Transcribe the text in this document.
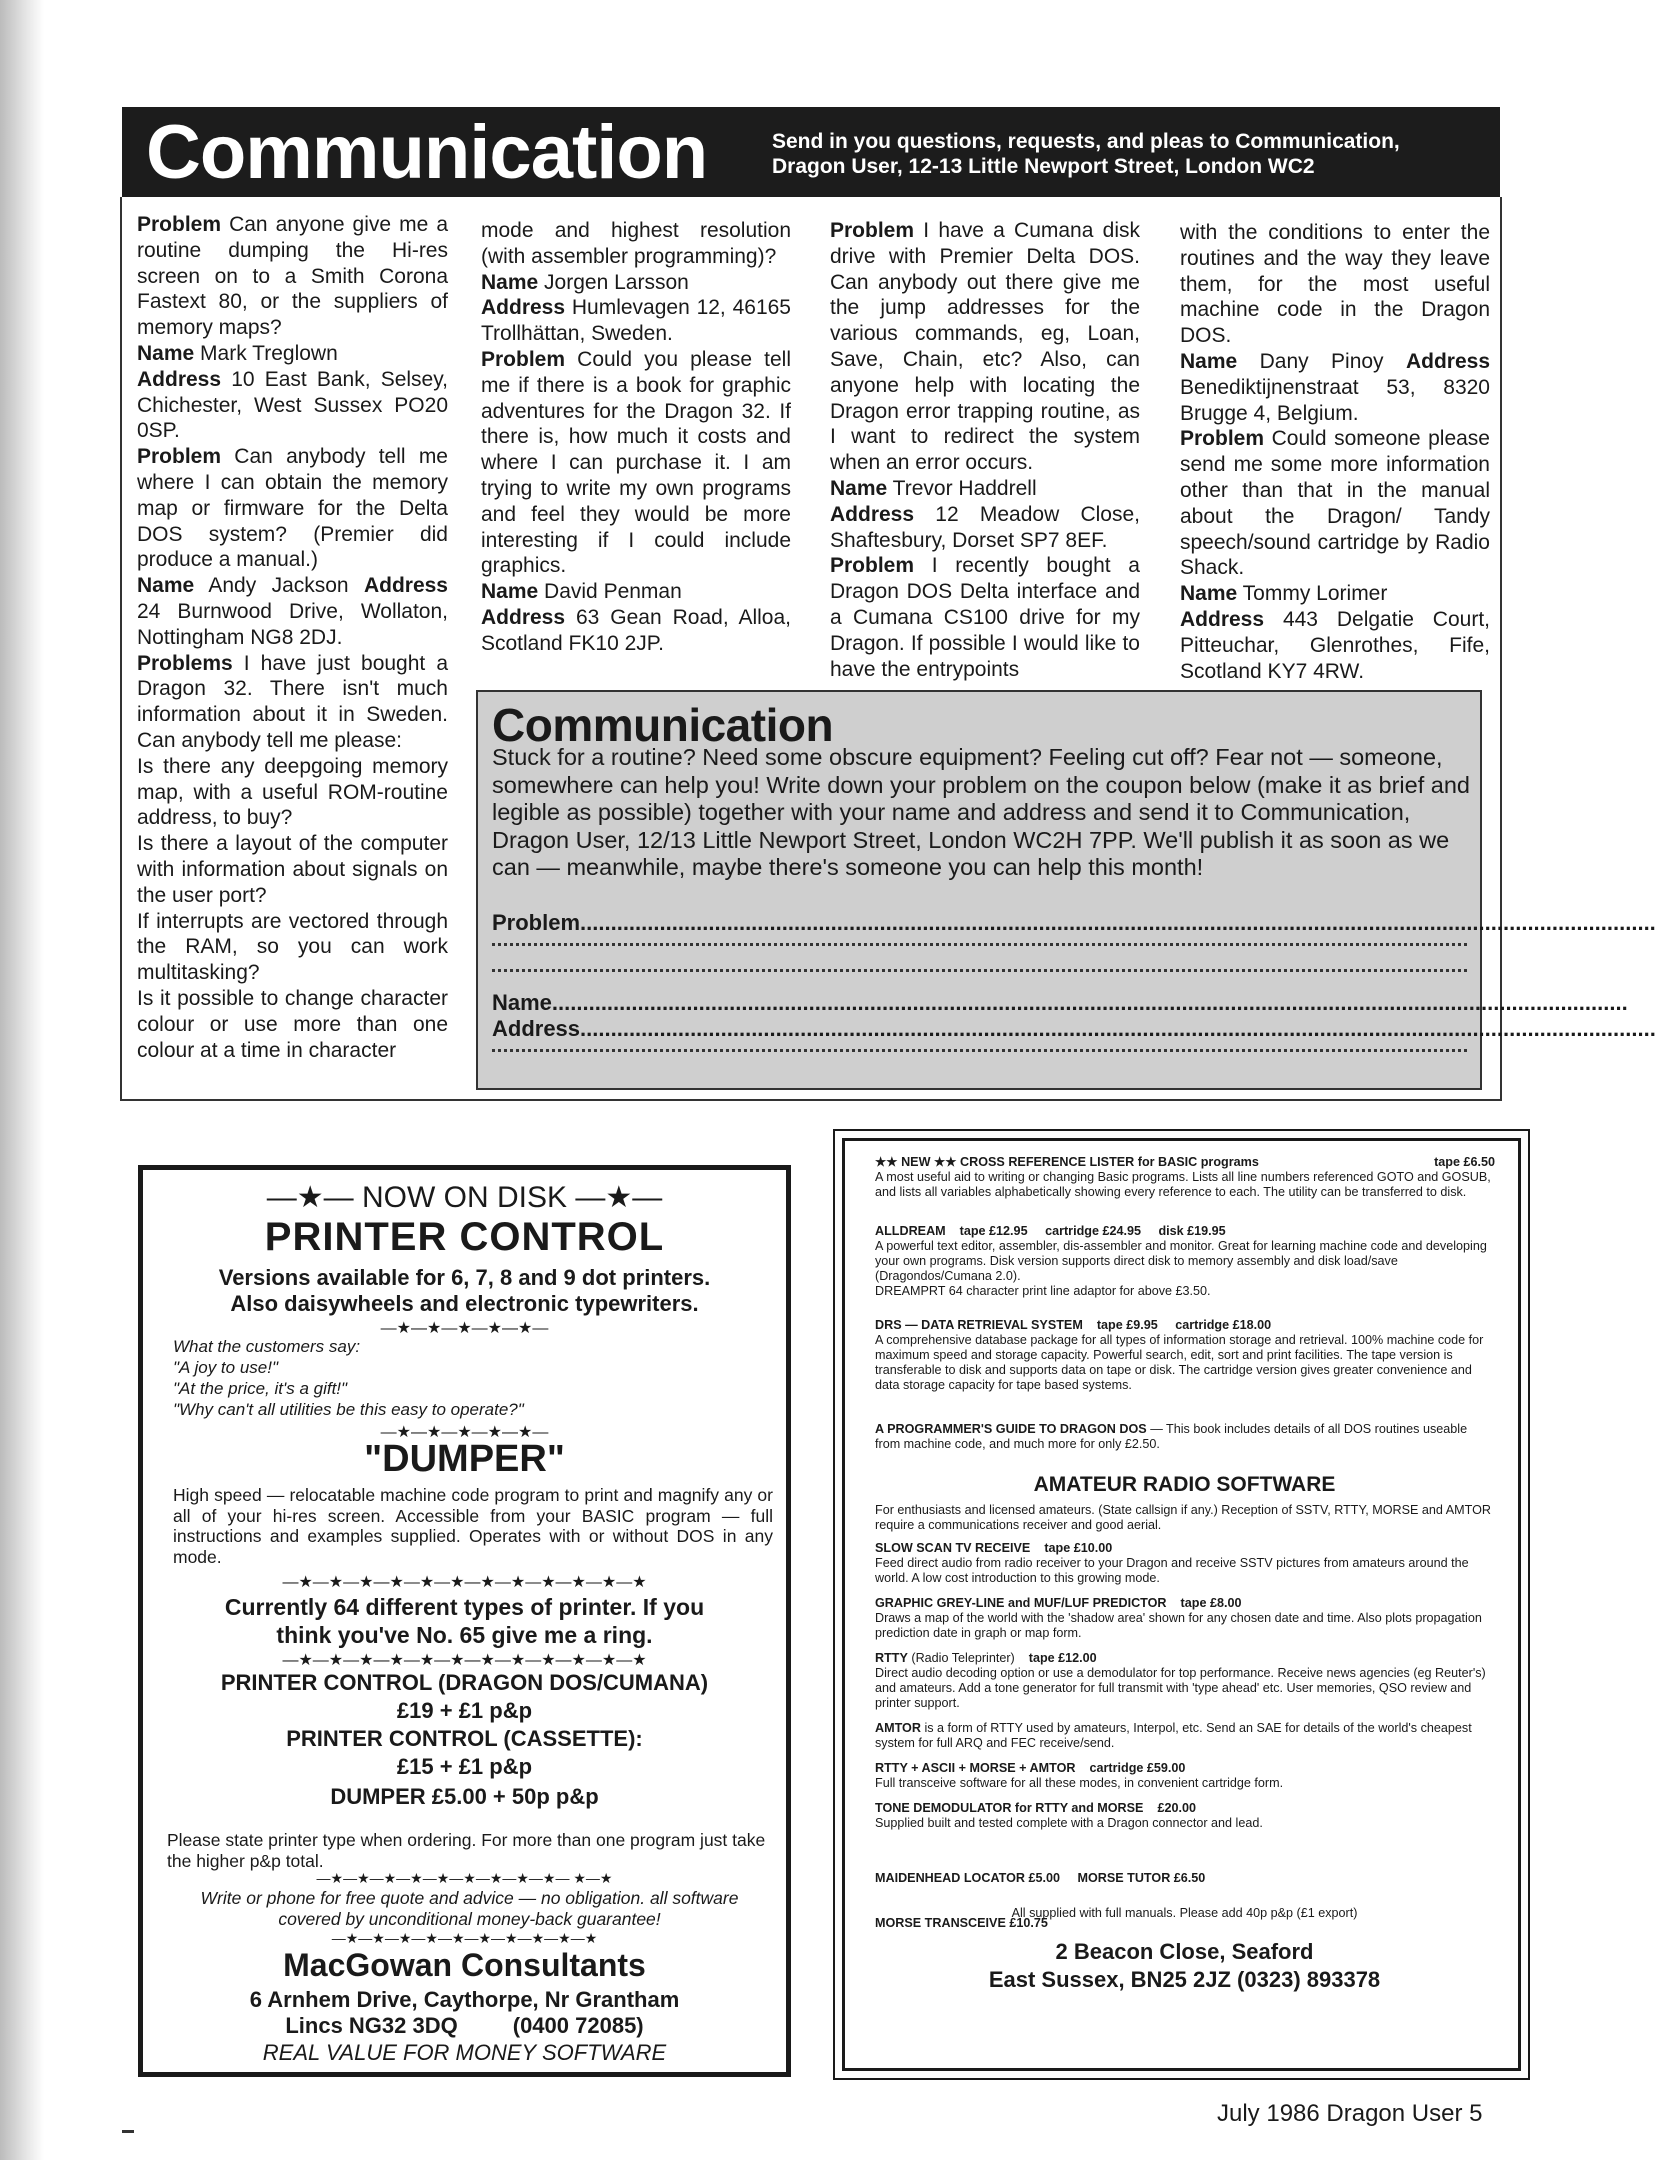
Communication	Send in you questions, requests, and pleas to Communication,
Dragon User, 12-13 Little Newport Street, London WC2

Problem Can anyone give me a routine dumping the Hi-res screen on to a Smith Corona Fastext 80, or the suppliers of memory maps?

Name Mark Treglown

Address 10 East Bank, Selsey, Chichester, West Sussex PO20 0SP.

Problem Can anybody tell me where I can obtain the memory map or firmware for the Delta DOS system? (Premier did produce a manual.)

Name Andy Jackson Address 24 Burnwood Drive, Wollaton, Nottingham NG8 2DJ.

Problems I have just bought a Dragon 32. There isn't much information about it in Sweden. Can anybody tell me please:

Is there any deepgoing memory map, with a useful ROM-routine address, to buy?

Is there a layout of the computer with information about signals on the user port?

If interrupts are vectored through the RAM, so you can work multitasking?

Is it possible to change character colour or use more than one colour at a time in character

mode and highest resolution (with assembler programming)?

Name Jorgen Larsson

Address Humlevagen 12, 46165 Trollhättan, Sweden.

Problem Could you please tell me if there is a book for graphic adventures for the Dragon 32. If there is, how much it costs and where I can purchase it. I am trying to write my own programs and feel they would be more interesting if I could include graphics.

Name David Penman

Address 63 Gean Road, Alloa, Scotland FK10 2JP.

Problem I have a Cumana disk drive with Premier Delta DOS. Can anybody out there give me the jump addresses for the various commands, eg, Loan, Save, Chain, etc? Also, can anyone help with locating the Dragon error trapping routine, as I want to redirect the system when an error occurs.

Name Trevor Haddrell

Address 12 Meadow Close, Shaftesbury, Dorset SP7 8EF.

Problem I recently bought a Dragon DOS Delta interface and a Cumana CS100 drive for my Dragon. If possible I would like to have the entrypoints

with the conditions to enter the routines and the way they leave them, for the most useful machine code in the Dragon DOS.

Name Dany Pinoy Address Benediktijnenstraat 53, 8320 Brugge 4, Belgium.

Problem Could someone please send me some more information other than that in the manual about the Dragon/ Tandy speech/sound cartridge by Radio Shack.

Name Tommy Lorimer

Address 443 Delgatie Court, Pitteuchar, Glenrothes, Fife, Scotland KY7 4RW.

Communication
Stuck for a routine? Need some obscure equipment? Feeling cut off? Fear not — someone, somewhere can help you! Write down your problem on the coupon below (make it as brief and legible as possible) together with your name and address and send it to Communication, Dragon User, 12/13 Little Newport Street, London WC2H 7PP. We'll publish it as soon as we can — meanwhile, maybe there's someone you can help this month!
Problem................................................................................................................................................................................
Name................................................................................................................................................................................
Address................................................................................................................................................................................
—★— NOW ON DISK —★—
PRINTER CONTROL
Versions available for 6, 7, 8 and 9 dot printers.
Also daisywheels and electronic typewriters.
—★—★—★—★—★—
What the customers say:
"A joy to use!"
"At the price, it's a gift!"
"Why can't all utilities be this easy to operate?"
—★—★—★—★—★—
"DUMPER"
High speed — relocatable machine code program to print and magnify any or all of your hi-res screen. Accessible from your BASIC program — full instructions and examples supplied. Operates with or without DOS in any mode.
—★—★—★—★—★—★—★—★—★—★—★—★
Currently 64 different types of printer. If you
think you've No. 65 give me a ring.
—★—★—★—★—★—★—★—★—★—★—★—★
PRINTER CONTROL (DRAGON DOS/CUMANA)
£19 + £1 p&p
PRINTER CONTROL (CASSETTE):
£15 + £1 p&p
DUMPER £5.00 + 50p p&p
Please state printer type when ordering. For more than one program just take the higher p&p total.
—★—★—★—★—★—★—★—★—★— ★—★
Write or phone for free quote and advice — no obligation. all software covered by unconditional money-back guarantee!
—★—★—★—★—★—★—★—★—★—★
MacGowan Consultants
6 Arnhem Drive, Caythorpe, Nr Grantham
Lincs NG32 3DQ         (0400 72085)
REAL VALUE FOR MONEY SOFTWARE
★★ NEW ★★ CROSS REFERENCE LISTER for BASIC programs	tape £6.50
A most useful aid to writing or changing Basic programs. Lists all line numbers referenced GOTO and GOSUB, and lists all variables alphabetically showing every reference to each. The utility can be transferred to disk.
ALLDREAM tape £12.95     cartridge £24.95     disk £19.95
A powerful text editor, assembler, dis-assembler and monitor. Great for learning machine code and developing your own programs. Disk version supports direct disk to memory assembly and disk load/save (Dragondos/Cumana 2.0).
DREAMPRT 64 character print line adaptor for above £3.50.
DRS — DATA RETRIEVAL SYSTEM tape £9.95     cartridge £18.00
A comprehensive database package for all types of information storage and retrieval. 100% machine code for maximum speed and storage capacity. Powerful search, edit, sort and print facilities. The tape version is transferable to disk and supports data on tape or disk. The cartridge version gives greater convenience and data storage capacity for tape based systems.
A PROGRAMMER'S GUIDE TO DRAGON DOS — This book includes details of all DOS routines useable from machine code, and much more for only £2.50.
AMATEUR RADIO SOFTWARE
For enthusiasts and licensed amateurs. (State callsign if any.) Reception of SSTV, RTTY, MORSE and AMTOR require a communications receiver and good aerial.
SLOW SCAN TV RECEIVE tape £10.00
Feed direct audio from radio receiver to your Dragon and receive SSTV pictures from amateurs around the world. A low cost introduction to this growing mode.
GRAPHIC GREY-LINE and MUF/LUF PREDICTOR tape £8.00
Draws a map of the world with the 'shadow area' shown for any chosen date and time. Also plots propagation prediction date in graph or map form.
RTTY (Radio Teleprinter) tape £12.00
Direct audio decoding option or use a demodulator for top performance. Receive news agencies (eg Reuter's) and amateurs. Add a tone generator for full transmit with 'type ahead' etc. User memories, QSO review and printer support.
AMTOR is a form of RTTY used by amateurs, Interpol, etc. Send an SAE for details of the world's cheapest system for full ARQ and FEC receive/send.
RTTY + ASCII + MORSE + AMTOR cartridge £59.00
Full transceive software for all these modes, in convenient cartridge form.
TONE DEMODULATOR for RTTY and MORSE £20.00
Supplied built and tested complete with a Dragon connector and lead.

MAIDENHEAD LOCATOR £5.00     MORSE TUTOR £6.50

MORSE TRANSCEIVE £10.75

All supplied with full manuals. Please add 40p p&p (£1 export)
2 Beacon Close, Seaford
East Sussex, BN25 2JZ (0323) 893378
July 1986 Dragon User 5
